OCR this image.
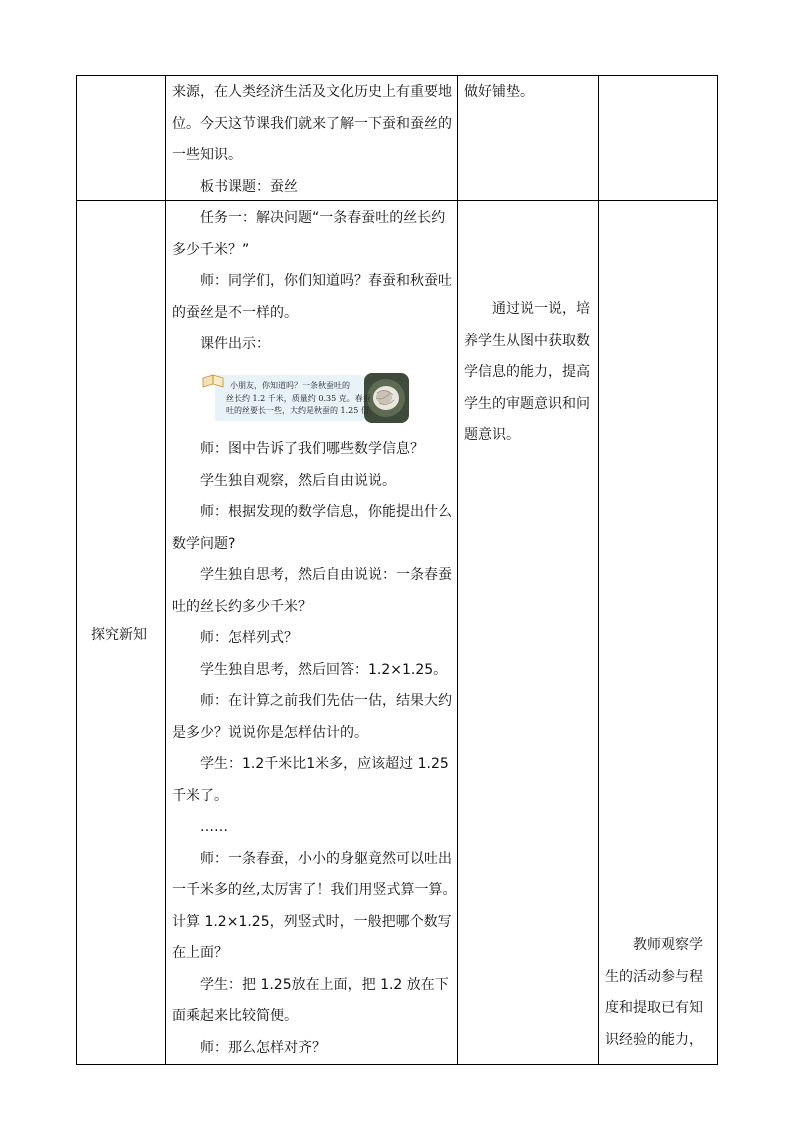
来源，在人类经济生活及文化历史上有重要地
位。今天这节课我们就来了解一下蚕和蚕丝的
一些知识。
板书课题：蚕丝
做好铺垫。
探究新知
任务一：解决问题“一条春蚕吐的丝长约
多少千米？”
师：同学们，你们知道吗？春蚕和秋蚕吐
的蚕丝是不一样的。
课件出示：
小朋友，你知道吗？一条秋蚕吐的
丝长约 1.2 千米，质量约 0.35 克。春蚕
吐的丝要长一些，大约是秋蚕的 1.25 倍。
师：图中告诉了我们哪些数学信息？
学生独自观察，然后自由说说。
师：根据发现的数学信息，你能提出什么
数学问题?
学生独自思考，然后自由说说：一条春蚕
吐的丝长约多少千米？
师：怎样列式？
学生独自思考，然后回答：1.2×1.25。
师：在计算之前我们先估一估，结果大约
是多少？说说你是怎样估计的。
学生：1.2千米比1米多，应该超过 1.25
千米了。
……
师：一条春蚕，小小的身躯竟然可以吐出
一千米多的丝,太厉害了！我们用竖式算一算。
计算 1.2×1.25，列竖式时，一般把哪个数写
在上面？
学生：把 1.25放在上面，把 1.2 放在下
面乘起来比较简便。
师：那么怎样对齐？
通过说一说，培
养学生从图中获取数
学信息的能力，提高
学生的审题意识和问
题意识。
教师观察学
生的活动参与程
度和提取已有知
识经验的能力，
